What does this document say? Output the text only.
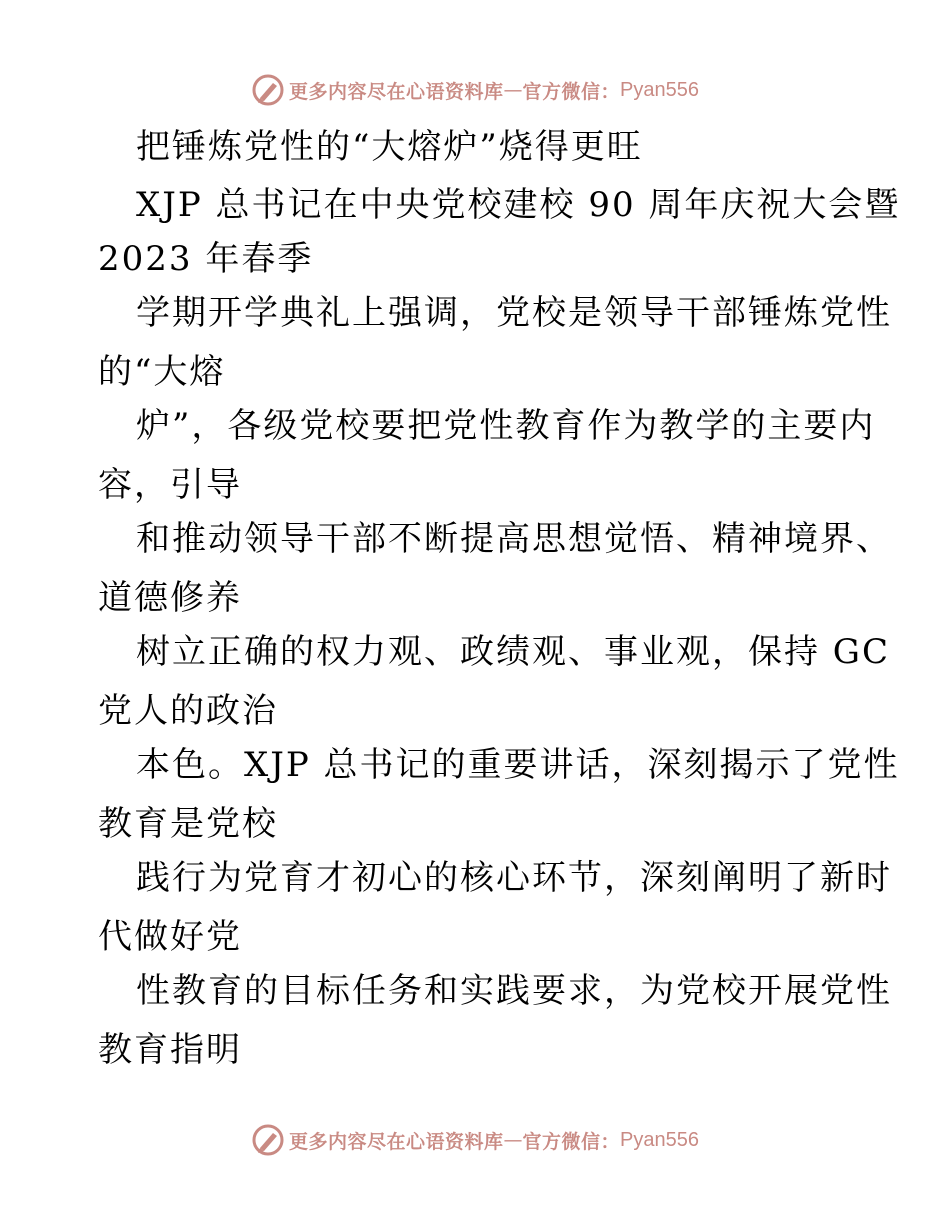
更多内容尽在心语资料库 — 官方微信： Pyan556
把锤炼党性的“大熔炉”烧得更旺
XJP 总书记在中央党校建校 90 周年庆祝大会暨
2023 年春季
学期开学典礼上强调，党校是领导干部锤炼党性
的“大熔
炉”，各级党校要把党性教育作为教学的主要内
容，引导
和推动领导干部不断提高思想觉悟、精神境界、
道德修养
树立正确的权力观、政绩观、事业观，保持 GC
党人的政治
本色。XJP 总书记的重要讲话，深刻揭示了党性
教育是党校
践行为党育才初心的核心环节，深刻阐明了新时
代做好党
性教育的目标任务和实践要求，为党校开展党性
教育指明
更多内容尽在心语资料库 — 官方微信： Pyan556
